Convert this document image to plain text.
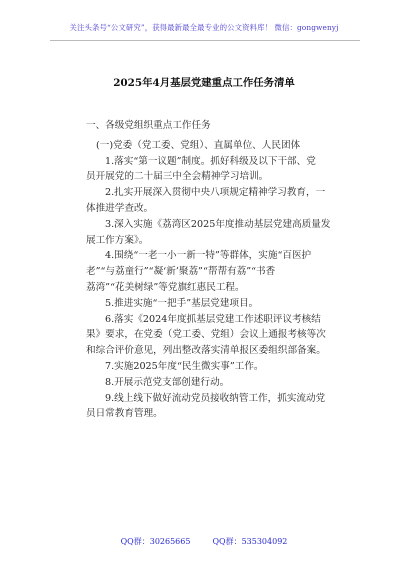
关注头条号“公文研究”，获得最新最全最专业的公文资料库！ 微信：gongwenyj
2025年4月基层党建重点工作任务清单
一、各级党组织重点工作任务
(一)党委（党工委、党组）、直属单位、人民团体
1.落实“第一议题”制度。抓好科级及以下干部、党
员开展党的二十届三中全会精神学习培训。
2.扎实开展深入贯彻中央八项规定精神学习教育，一
体推进学查改。
3.深入实施《荔湾区2025年度推动基层党建高质量发
展工作方案》。
4.围绕“一老一小一新一特”等群体，实施“百医护
老”“与荔童行”“凝‘新’聚荔”“帮帮有荔”“书香
荔湾”“花美树绿”等党旗红惠民工程。
5.推进实施“一把手”基层党建项目。
6.落实《2024年度抓基层党建工作述职评议考核结
果》要求，在党委（党工委、党组）会议上通报考核等次
和综合评价意见，列出整改落实清单报区委组织部备案。
7.实施2025年度“民生微实事”工作。
8.开展示范党支部创建行动。
9.线上线下做好流动党员接收纳管工作，抓实流动党
员日常教育管理。
QQ群：30265665	QQ群：535304092
